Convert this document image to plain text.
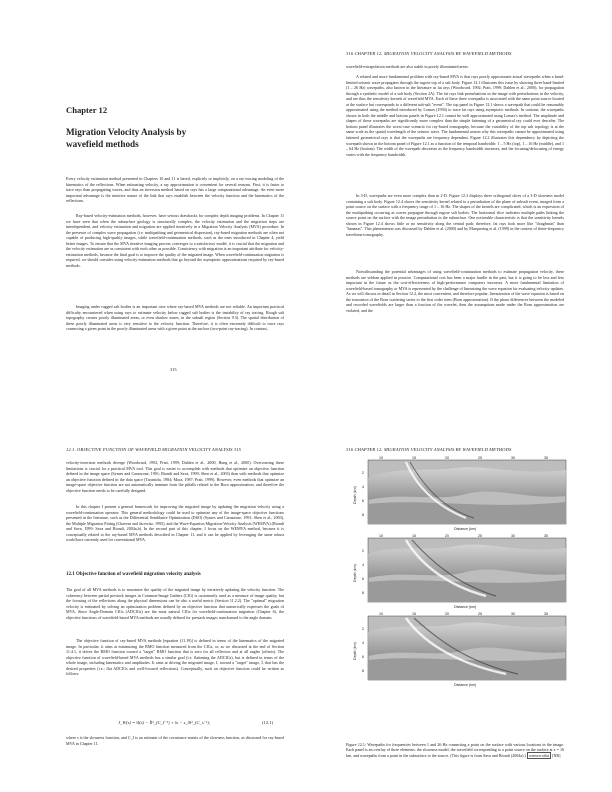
Chapter 12
Migration Velocity Analysis by wavefield methods

Every velocity estimation method presented in Chapters 10 and 11 is based, explicitly or implicitly, on a ray-tracing modeling of the kinematics of the reflections. When estimating velocity, a ray approximation is convenient for several reasons. First, it is faster to trace rays than propagating waves, and thus an inversion method based on rays has a large computational advantage. An even more important advantage is the intuitive nature of the link that rays establish between the velocity function and the kinematics of the reflections.

Ray-based velocity-estimation methods, however, have serious drawbacks for complex depth imaging problems. In Chapter 11 we have seen that when the subsurface geology is structurally complex, the velocity estimation and the migration steps are interdependent, and velocity estimation and migration are applied iteratively in a Migration Velocity Analysis (MVA) procedure. In the presence of complex wave propagation (i.e. multipathing and geometrical dispersion), ray-based migration methods are often not capable of producing high-quality images, while wavefield-continuation methods, such as the ones introduced in Chapter 4, yield better images. To ensure that the MVA iterative imaging process converges to a satisfactory model, it is crucial that the migration and the velocity estimation are as consistent with each other as possible. Consistency with migration is an important attribute for velocity-estimation methods, because the final goal is to improve the quality of the migrated image. When wavefield-continuation migration is required, we should consider using velocity-estimation methods that go beyond the asymptotic approximations required by ray-based methods.

Imaging under rugged salt bodies is an important case where ray-based MVA methods are not reliable. An important practical difficulty encountered when using rays to estimate velocity below rugged salt bodies is the instability of ray tracing. Rough salt topography creates poorly illuminated areas, or even shadow zones, in the subsalt region (Section 9.3). The spatial distribution of these poorly illuminated areas is very sensitive to the velocity function. Therefore, it is often extremely difficult to trace rays connecting a given point in the poorly illuminated areas with a given point at the surface (two-point ray-tracing). In contrast,

315
316 CHAPTER 12. MIGRATION VELOCITY ANALYSIS BY WAVEFIELD METHODS

wavefield-extrapolation methods are also stable in poorly illuminated areas.

A related and more fundamental problem with ray-based MVA is that rays poorly approximate actual wavepaths when a band-limited seismic wave propagates through the rugose top of a salt body. Figure 12.1 illustrates this issue by showing three band-limited (1 – 26 Hz) wavepaths, also known in the literature as fat rays (Woodward, 1992; Pratt, 1999; Dahlen et al., 2000), for propagation through a synthetic model of a salt body (Section 2A). The fat rays link perturbations in the image with perturbations in the velocity, and are thus the sensitivity kernels of wavefield MVA. Each of these three wavepaths is associated with the same point source located at the surface but corresponds to a different sub-salt "event". The top panel in Figure 12.1 shows a wavepath that could be reasonably approximated using the method introduced by Lomax (1994) to trace fat rays using asymptotic methods. In contrast, the wavepaths shown in both the middle and bottom panels in Figure 12.1 cannot be well approximated using Lomax's method. The amplitude and shapes of these wavepaths are significantly more complex than the simple fattening of a geometrical ray could ever describe. The bottom panel illustrates the worst-case scenario for ray-based tomography, because the variability of the top salt topology is at the same scale as the spatial wavelength of the seismic wave. The fundamental reason why this wavepaths cannot be approximated using fattened geometrical rays is that the wavepaths are frequency dependent. Figure 12.2 illustrates this dependency by depicting the wavepath shown in the bottom panel of Figure 12.1 as a function of the temporal bandwidth: 1 – 5 Hz (top), 1 – 16 Hz (middle), and 1 – 64 Hz (bottom). The width of the wavepath decreases as the frequency bandwidth increases, and the focusing/defocusing of energy varies with the frequency bandwidth.

In 3-D, wavepaths are even more complex than in 2-D. Figure 12.3 displays three orthogonal slices of a 3-D slowness model containing a salt body. Figure 12.4 shows the sensitivity kernel related to a perturbation of the plane of subsalt event, imaged from a point source on the surface with a frequency range of 1 – 16 Hz. The shapes of the kernels are complicated, which is an expression of the multipathing occurring as waves propagate through rugose salt bodies. The horizontal slice indicates multiple paths linking the source point on the surface with the image perturbation in the subsurface. One noticeable characteristic is that the sensitivity kernels shown in Figure 12.4 shows little or no sensitivity along the central path; therefore, fat rays look more like "doughnuts" than "bananas". This phenomenon was discussed by Dahlen et al. (2000) and by Marquering et al. (1999) in the context of finite-frequency traveltime tomography.

Notwithstanding the potential advantages of using wavefield-continuation methods to estimate propagation velocity, these methods are seldom applied in practice. Computational cost has been a major hurdle in the past, but it is going to be less and less important in the future as the cost-effectiveness of high-performance computers increases. A more fundamental limitation of wavefield-based tomography or MVA is represented by the challenge of linearizing the wave equation for evaluating velocity updates. As we will discuss in detail in Section 12.2, the most convenient, and therefore popular, linearization of the wave equation is based on the truncation of the Born scattering series to the first order term (Born approximation). If the phase differences between the modeled and recorded wavefields are larger than a fraction of the wavelet, then the assumptions made under the Born approximation are violated, and the

12.1. OBJECTIVE FUNCTION OF WAVEFIELD MIGRATION VELOCITY ANALYSIS 315

velocity-inversion methods diverge (Woodward, 1992; Pratt, 1999; Dahlen et al., 2000; Hung et al., 2000). Overcoming these limitations is crucial for a practical MVA tool. This goal is easier to accomplish with methods that optimize an objective function defined in the image space (Symes and Carazzone, 1991; Biondi and Sava, 1999; Shen et al., 2003) than with methods that optimize an objective function defined in the data space (Tarantola, 1984; Mora, 1987; Pratt, 1999). However, even methods that optimize an image-space objective function are not automatically immune from the pitfalls related to the Born approximation, and therefore the objective function needs to be carefully designed.

In this chapter I present a general framework for improving the migrated image by updating the migration velocity using a wavefield-continuation operator. This general methodology could be used to optimize any of the image-space objective functions presented in the literature, such as the Differential Semblance Optimization (DSO) (Symes and Carazzone, 1991; Shen et al., 2003), the Multiple Migration Fitting (Chavent and Jacewitz, 1995), and the Wave-Equation Migration-Velocity Analysis (WEMVA) (Biondi and Sava, 1999; Sava and Biondi, 2004a,b). In the second part of this chapter, I focus on the WEMVA method, because it is conceptually related to the ray-based MVA methods described in Chapter 11, and it can be applied by leveraging the same robust workflows currently used for conventional MVA.

12.1 Objective function of wavefield migration velocity analysis

The goal of all MVA methods is to maximize the quality of the migrated image by iteratively updating the velocity function. The coherency between partial prestack images in Common-Image Gathers (CIG) is customarily used as a measure of image quality, but the focusing of the reflections along the physical dimensions can be also a useful metric (Section 11.2.2). The "optimal" migration velocity is estimated by solving an optimization problem defined by an objective function that numerically expresses the goals of MVA. Since Angle-Domain CIGs (ADCIGs) are the most natural CIGs for wavefield-continuation migration (Chapter 6), the objective functions of wavefield-based MVA methods are usually defined for prestack images transformed to the angle domain.

The objective function of ray-based MVA methods [equation (11.19)] is defined in terms of the kinematics of the migrated image. In particular, it aims at minimizing the RMO function measured from the CIGs, or, as we discussed at the end of Section 11.4.1, it drives the RMO function toward a "target" RMO function that is zero for all reflectors and at all angles (offsets). The objective function of wavefield-based MVA methods has a similar goal (i.e. flattening the ADCIGs), but is defined in terms of the whole image, including kinematics and amplitudes. It aims at driving the migrated image, I, toward a "target" image, Ĩ, that has the desired properties (i.e.; flat ADCIGs and well-focused reflections). Conceptually, such an objective function could be written as follows:

J_W(s) = ‖I(s) − Ĩ‖²_(C_I⁻¹) + ‖s − s_0‖²_(C_s⁻¹),	(12.1)

where s is the slowness function, and C_I is an estimate of the covariance matrix of the slowness function, as discussed for ray-based MVA in Chapter 11.

316 CHAPTER 12. MIGRATION VELOCITY ANALYSIS BY WAVEFIELD METHODS
10	15	20	25	30	35
2
4
6
8
Depth (km)
Distance (km)
10	15	20	25	30	35
2
4
6
8
Depth (km)
Distance (km)
10	15	20	25	30	35
2
4
6
8
Depth (km)
Distance (km)

Figure 12.1: Wavepaths for frequencies between 1 and 26 Hz connecting a point on the surface with various locations in the image. Each panel is an overlay of three elements: the slowness model, the wavefield corresponding to a point source on the surface at x = 16 km, and wavepaths from a point in the subsurface to the source. (This figure is from Sava and Biondi (2004a).) wemva-oilat [NR]
